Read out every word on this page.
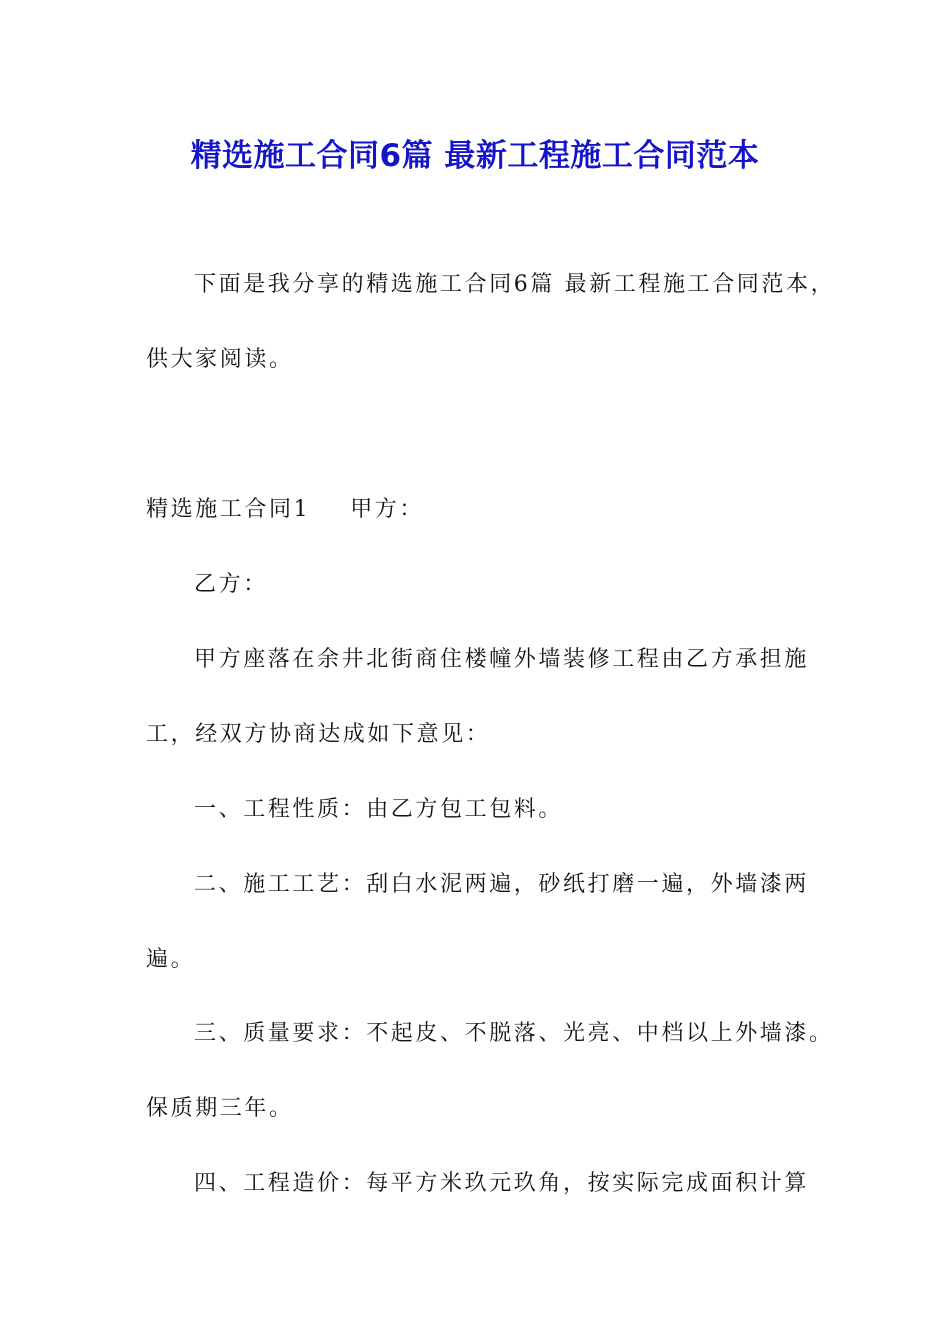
精选施工合同6篇 最新工程施工合同范本
下面是我分享的精选施工合同6篇 最新工程施工合同范本，
供大家阅读。
精选施工合同1 甲方：
乙方：
甲方座落在余井北街商住楼幢外墙装修工程由乙方承担施
工，经双方协商达成如下意见：
一、工程性质：由乙方包工包料。
二、施工工艺：刮白水泥两遍，砂纸打磨一遍，外墙漆两
遍。
三、质量要求：不起皮、不脱落、光亮、中档以上外墙漆。
保质期三年。
四、工程造价：每平方米玖元玖角，按实际完成面积计算
